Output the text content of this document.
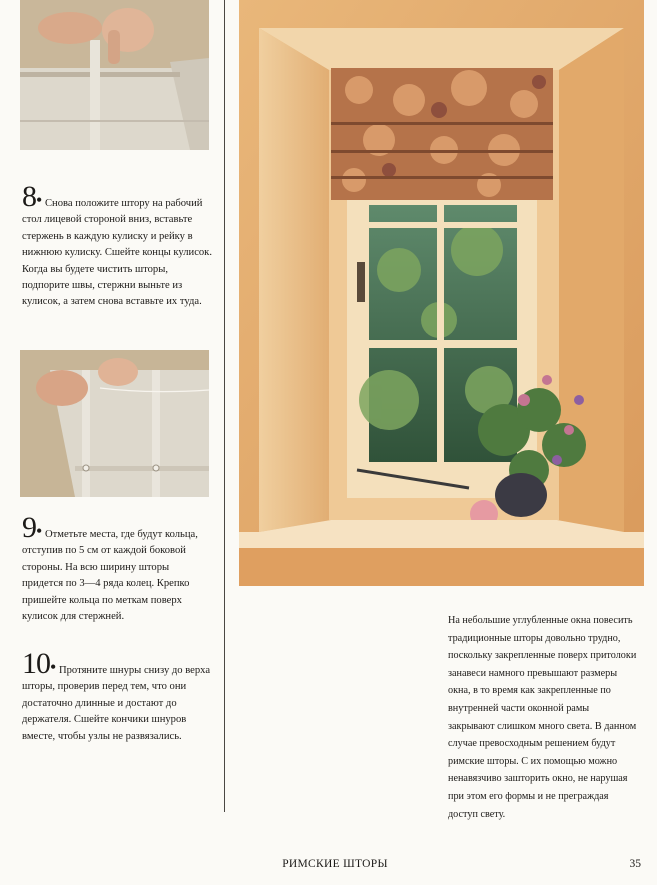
8• Снова положите штору на рабочий стол лицевой стороной вниз, вставьте стержень в каждую кулиску и рейку в нижнюю кулиску. Сшейте концы кулисок. Когда вы будете чистить шторы, подпорите швы, стержни выньте из кулисок, а затем снова вставьте их туда.
9• Отметьте места, где будут кольца, отступив по 5 см от каждой боковой стороны. На всю ширину шторы придется по 3—4 ряда колец. Крепко пришейте кольца по меткам поверх кулисок для стержней.
10• Протяните шнуры снизу до верха шторы, проверив перед тем, что они достаточно длинные и достают до держателя. Сшейте кончики шнуров вместе, чтобы узлы не развязались.
На небольшие углубленные окна повесить традиционные шторы довольно трудно, поскольку закрепленные поверх притолоки занавеси намного превышают размеры окна, в то время как закрепленные по внутренней части оконной рамы закрывают слишком много света. В данном случае превосходным решением будут римские шторы. С их помощью можно ненавязчиво заштopить окно, не нарушая при этом его формы и не преграждая доступ свету.
РИМСКИЕ ШТОРЫ	35
